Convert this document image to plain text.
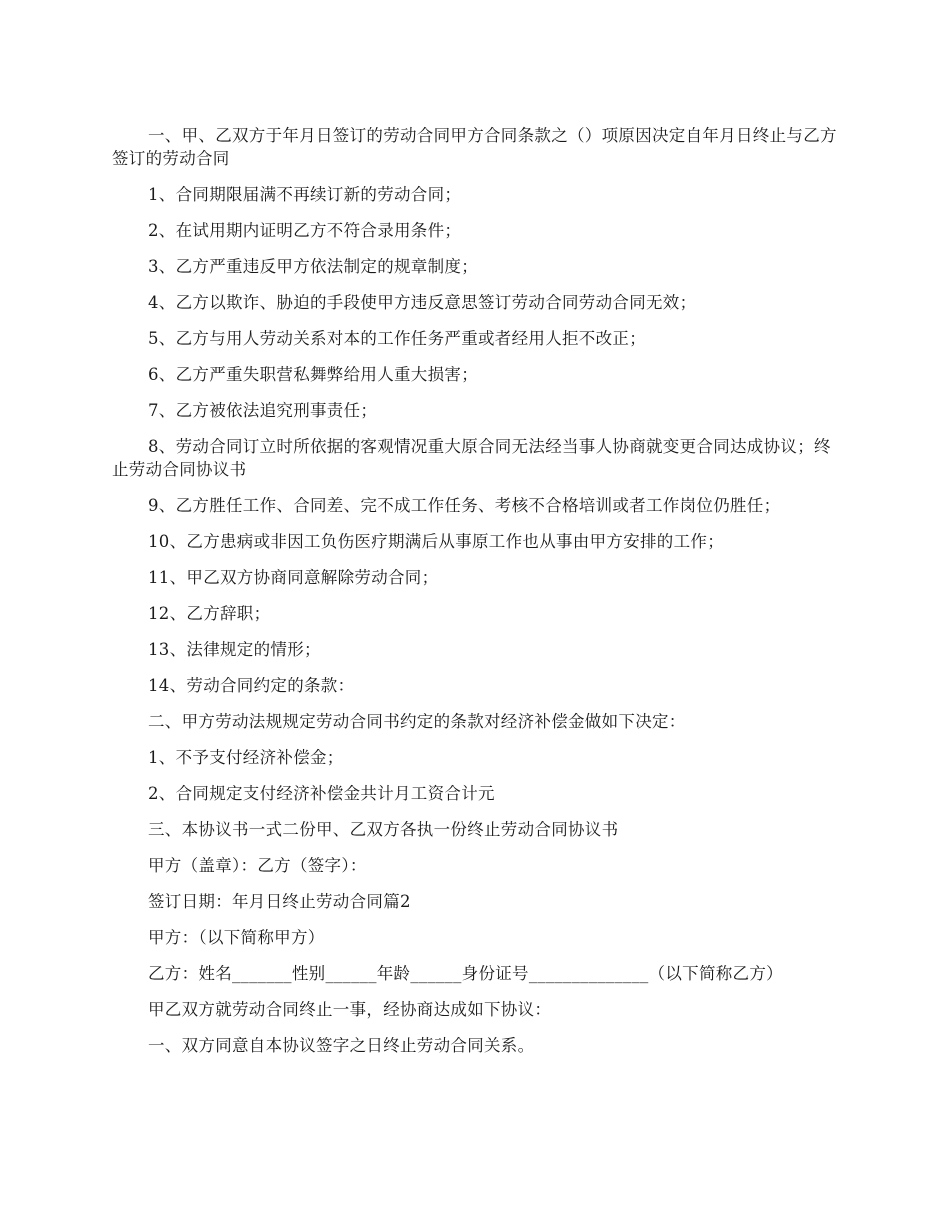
一、甲、乙双方于年月日签订的劳动合同甲方合同条款之（）项原因决定自年月日终止与乙方签订的劳动合同

1、合同期限届满不再续订新的劳动合同；

2、在试用期内证明乙方不符合录用条件；

3、乙方严重违反甲方依法制定的规章制度；

4、乙方以欺诈、胁迫的手段使甲方违反意思签订劳动合同劳动合同无效；

5、乙方与用人劳动关系对本的工作任务严重或者经用人拒不改正；

6、乙方严重失职营私舞弊给用人重大损害；

7、乙方被依法追究刑事责任；

8、劳动合同订立时所依据的客观情况重大原合同无法经当事人协商就变更合同达成协议；终止劳动合同协议书

9、乙方胜任工作、合同差、完不成工作任务、考核不合格培训或者工作岗位仍胜任；

10、乙方患病或非因工负伤医疗期满后从事原工作也从事由甲方安排的工作；

11、甲乙双方协商同意解除劳动合同；

12、乙方辞职；

13、法律规定的情形；

14、劳动合同约定的条款：

二、甲方劳动法规规定劳动合同书约定的条款对经济补偿金做如下决定：

1、不予支付经济补偿金；

2、合同规定支付经济补偿金共计月工资合计元

三、本协议书一式二份甲、乙双方各执一份终止劳动合同协议书

甲方（盖章）：乙方（签字）：

签订日期：年月日终止劳动合同篇2

甲方：（以下简称甲方）

乙方：姓名_______性别______年龄______身份证号______________（以下简称乙方）

甲乙双方就劳动合同终止一事，经协商达成如下协议：

一、双方同意自本协议签字之日终止劳动合同关系。
